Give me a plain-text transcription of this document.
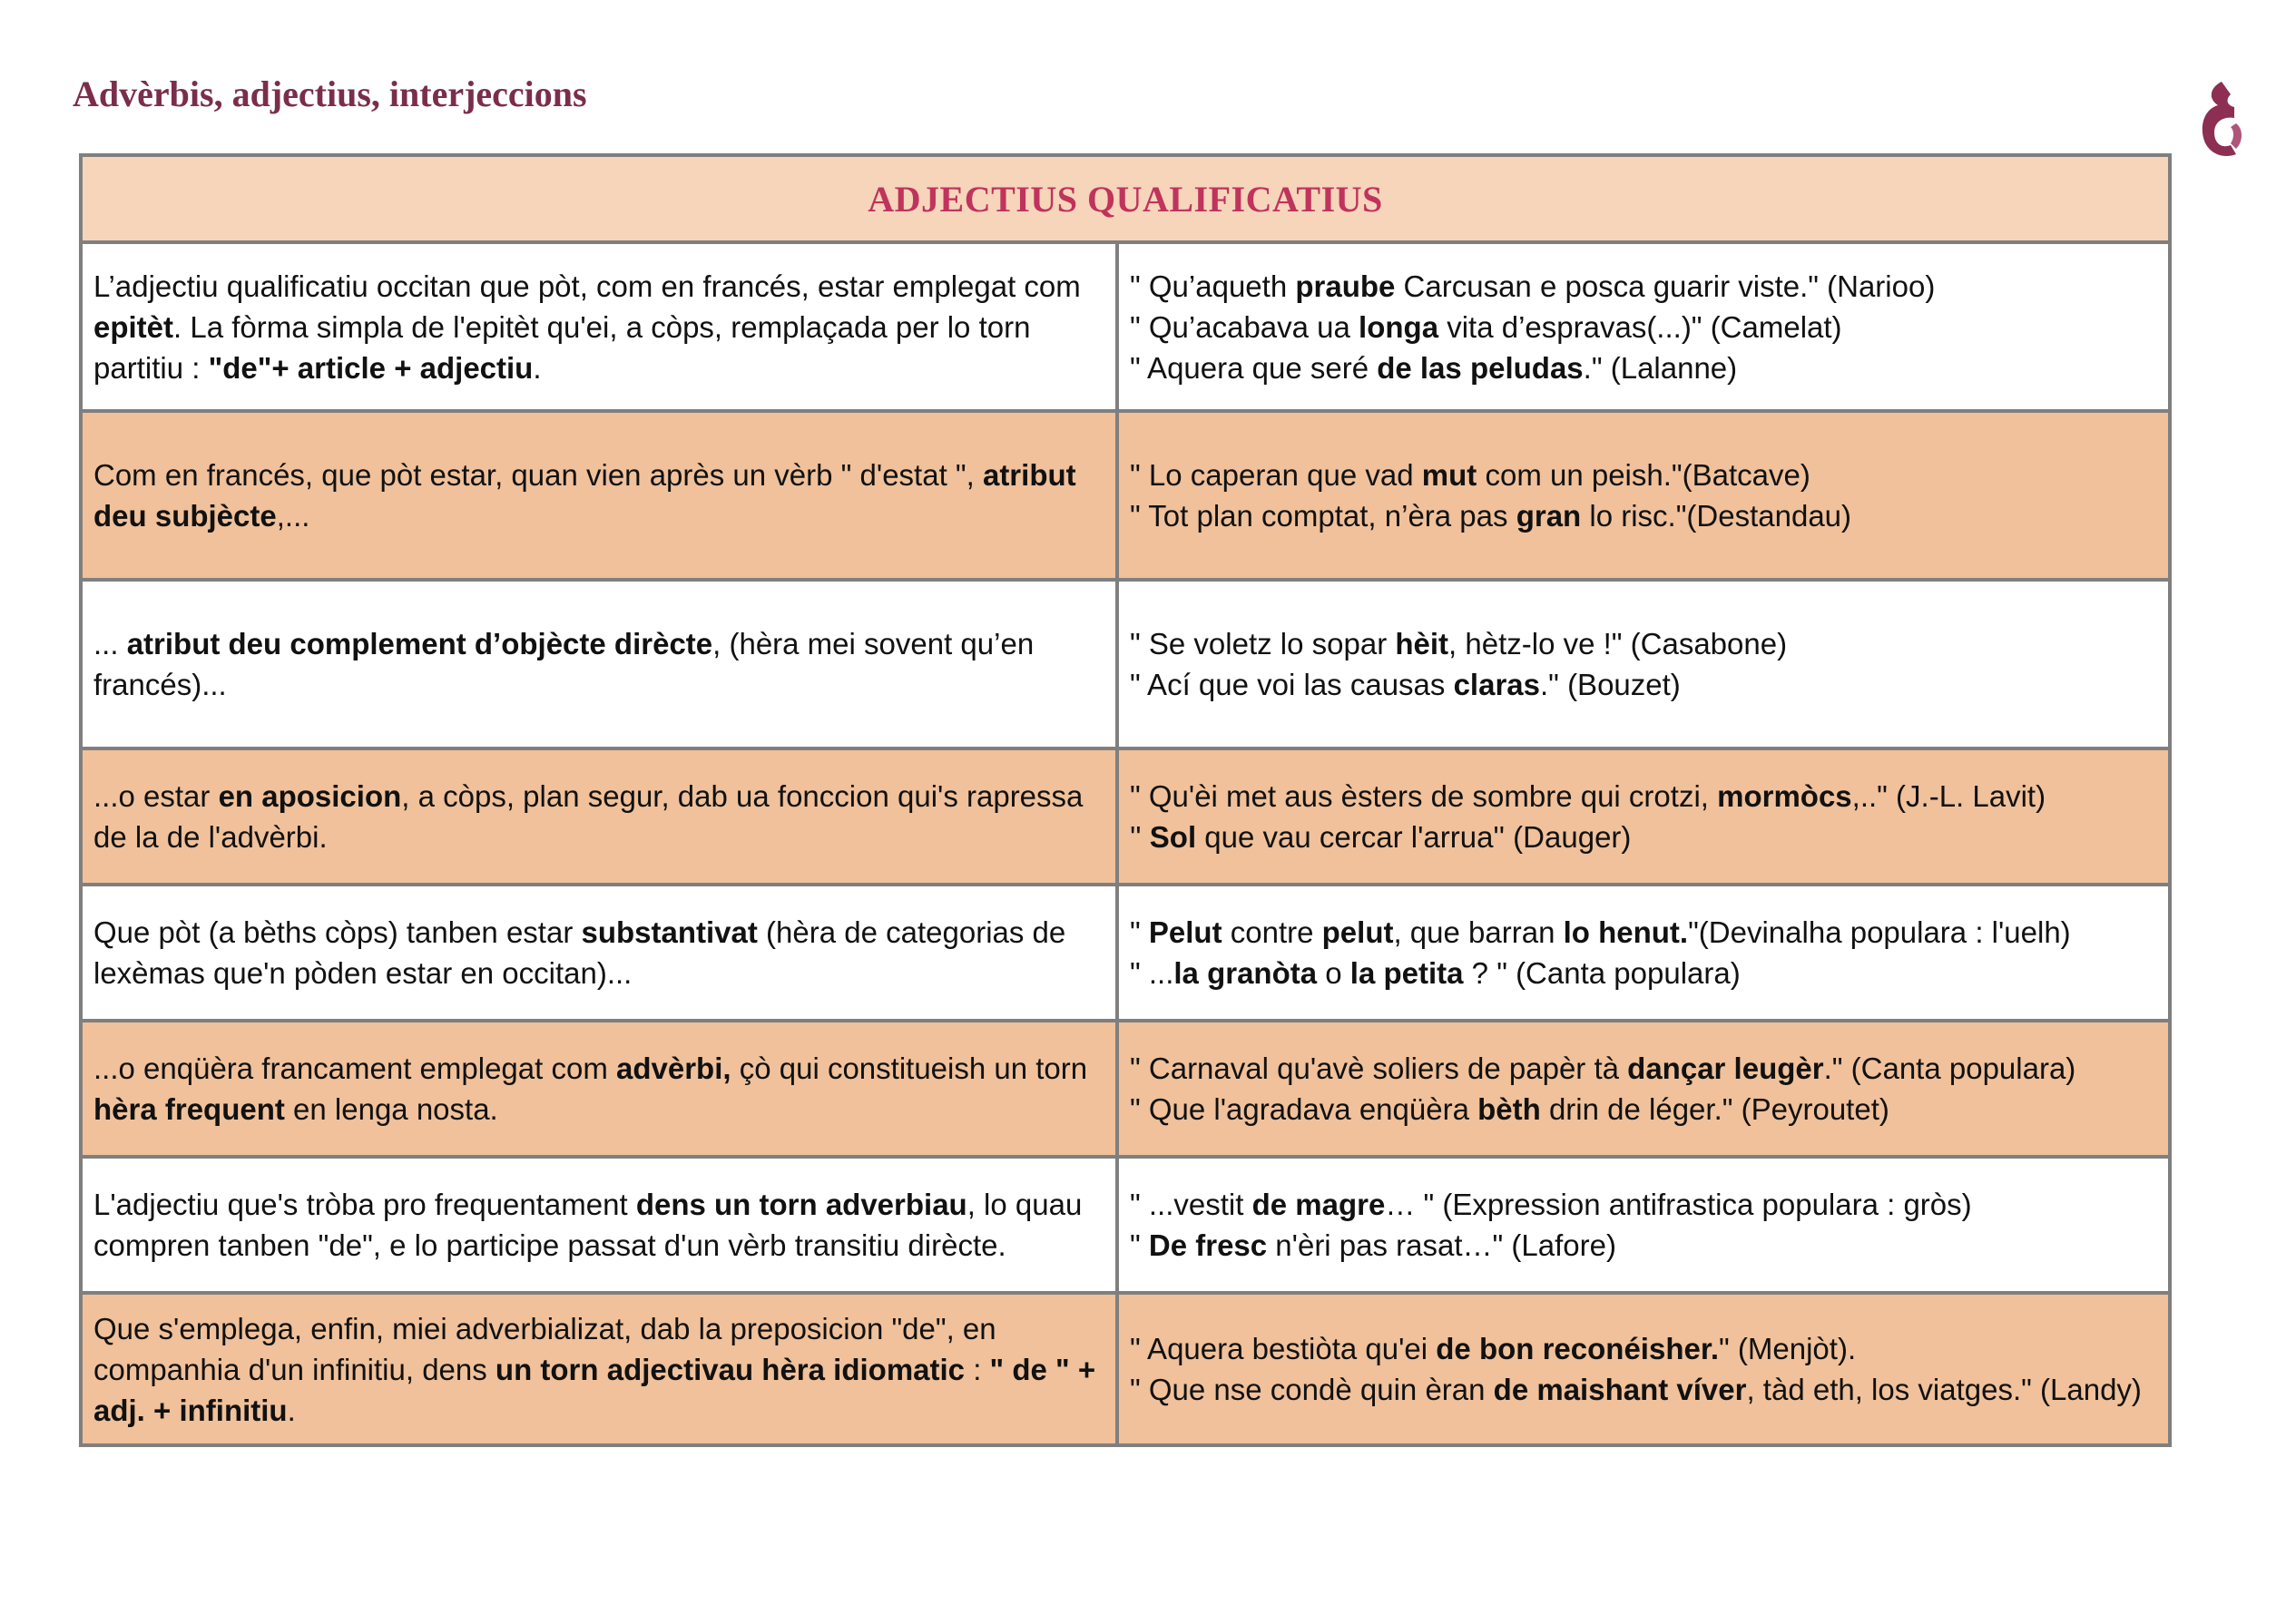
Advèrbis, adjectius, interjeccions
ADJECTIUS QUALIFICATIUS	

L’adjectiu qualificatiu occitan que pòt, com en francés, estar emplegat com
epitèt. La fòrma simpla de l'epitèt qu'ei, a còps, remplaçada per lo torn
partitiu : "de"+ article + adjectiu.	" Qu’aqueth praube Carcusan e posca guarir viste." (Narioo)
" Qu’acabava ua longa vita d’espravas(...)" (Camelat)
" Aquera que seré de las peludas." (Lalanne)

Com en francés, que pòt estar, quan vien après un vèrb " d'estat ", atribut
deu subjècte,...	" Lo caperan que vad mut com un peish."(Batcave)
" Tot plan comptat, n’èra pas gran lo risc."(Destandau)

... atribut deu complement d’objècte dirècte, (hèra mei sovent qu’en
francés)...	" Se voletz lo sopar hèit, hètz-lo ve !" (Casabone)
" Ací que voi las causas claras." (Bouzet)

...o estar en aposicion, a còps, plan segur, dab ua fonccion qui's rapressa
de la de l'advèrbi.	" Qu'èi met aus èsters de sombre qui crotzi, mormòcs,.." (J.-L. Lavit)
'' Sol que vau cercar l'arrua'' (Dauger)

Que pòt (a bèths còps) tanben estar substantivat (hèra de categorias de
lexèmas que'n pòden estar en occitan)...	" Pelut contre pelut, que barran lo henut."(Devinalha populara : l'uelh)
" ...la granòta o la petita ? " (Canta populara)

...o enqüèra francament emplegat com advèrbi, çò qui constitueish un torn
hèra frequent en lenga nosta.	" Carnaval qu'avè soliers de papèr tà dançar leugèr." (Canta populara)
" Que l'agradava enqüèra bèth drin de léger." (Peyroutet)

L'adjectiu que's tròba pro frequentament dens un torn adverbiau, lo quau
compren tanben "de", e lo participe passat d'un vèrb transitiu dirècte.	" ...vestit de magre… " (Expression antifrastica populara : gròs)
" De fresc n'èri pas rasat…" (Lafore)

Que s'emplega, enfin, miei adverbializat, dab la preposicion "de", en
companhia d'un infinitiu, dens un torn adjectivau hèra idiomatic : " de " +
adj. + infinitiu.	" Aquera bestiòta qu'ei de bon reconéisher." (Menjòt).
" Que nse condè quin èran de maishant víver, tàd eth, los viatges." (Landy)
